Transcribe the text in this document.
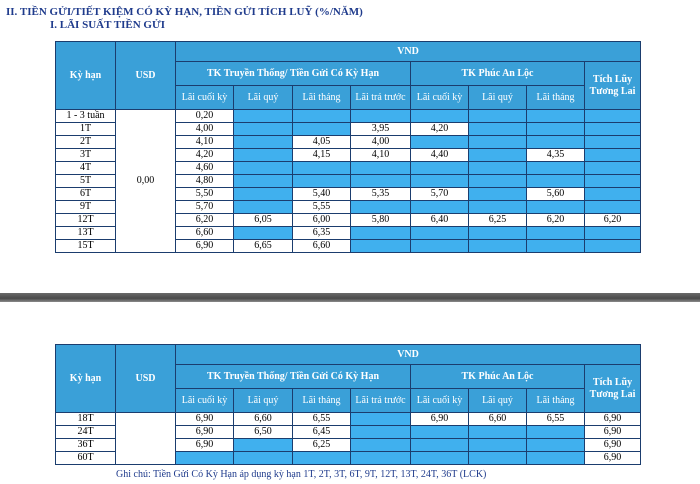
II. TIỀN GỬI/TIẾT KIỆM CÓ KỲ HẠN, TIỀN GỬI TÍCH LUỸ (%/NĂM)
I. LÃI SUẤT TIỀN GỬI
Kỳ hạn	USD	VND							
		TK Truyền Thống/ Tiền Gửi Có Kỳ Hạn				TK Phúc An Lộc			Tích Lũy Tương Lai
		Lãi cuối kỳ	Lãi quý	Lãi tháng	Lãi trả trước	Lãi cuối kỳ	Lãi quý	Lãi tháng	

1 - 3 tuần	0,00	0,20							
1T		4,00			3,95	4,20			
2T		4,10		4,05	4,00				
3T		4,20		4,15	4,10	4,40		4,35	
4T		4,60							
5T		4,80							
6T		5,50		5,40	5,35	5,70		5,60	
9T		5,70		5,55					
12T		6,20	6,05	6,00	5,80	6,40	6,25	6,20	6,20
13T		6,60		6,35					
15T		6,90	6,65	6,60					
Kỳ hạn	USD	VND							
		TK Truyền Thống/ Tiền Gửi Có Kỳ Hạn				TK Phúc An Lộc			Tích Lũy Tương Lai
		Lãi cuối kỳ	Lãi quý	Lãi tháng	Lãi trả trước	Lãi cuối kỳ	Lãi quý	Lãi tháng	

18T		6,90	6,60	6,55		6,90	6,60	6,55	6,90
24T		6,90	6,50	6,45					6,90
36T		6,90		6,25					6,90
60T									6,90
Ghi chú: Tiền Gửi Có Kỳ Hạn áp dụng kỳ hạn 1T, 2T, 3T, 6T, 9T, 12T, 13T, 24T, 36T (LCK)
